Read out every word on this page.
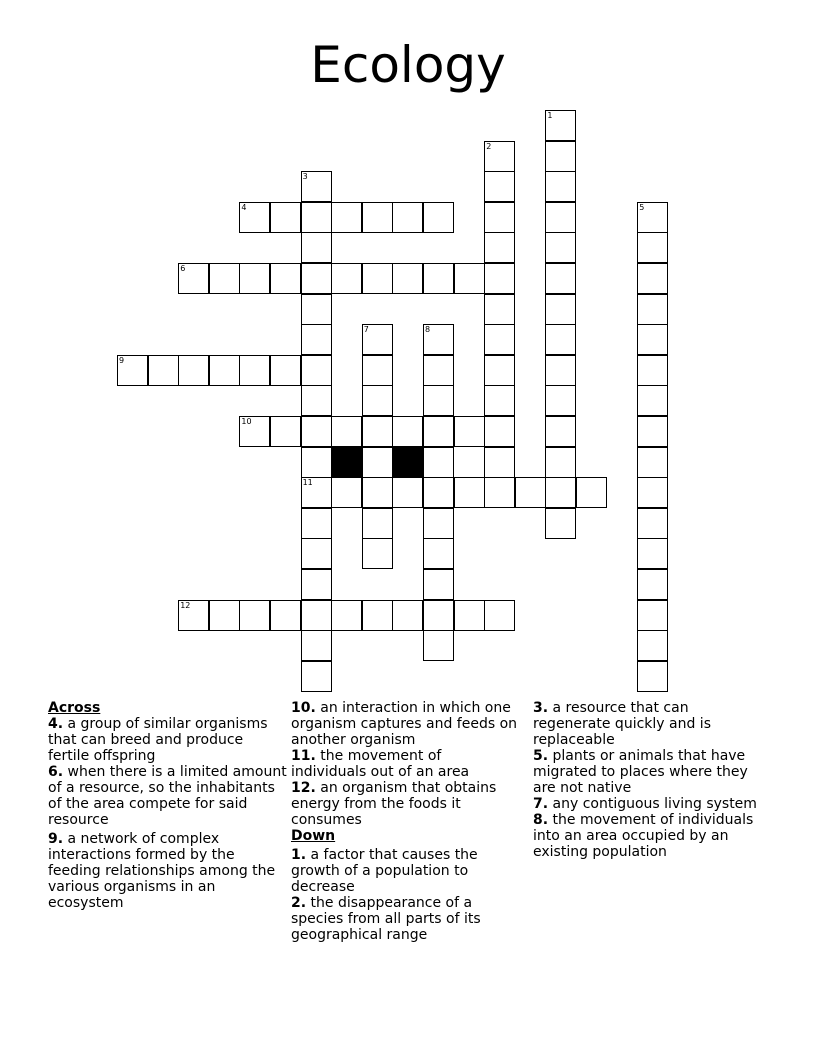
Ecology
1
2
3
11
4	5
6
7	8
9
10
12

Across

4. a group of similar organisms that can breed and produce fertile offspring

6. when there is a limited amount of a resource, so the inhabitants of the area compete for said resource

9. a network of complex interactions formed by the feeding relationships among the various organisms in an ecosystem

10. an interaction in which one organism captures and feeds on another organism

11. the movement of individuals out of an area

12. an organism that obtains energy from the foods it consumes

Down

1. a factor that causes the growth of a population to decrease

2. the disappearance of a species from all parts of its geographical range

3. a resource that can regenerate quickly and is replaceable

5. plants or animals that have migrated to places where they are not native

7. any contiguous living system

8. the movement of individuals into an area occupied by an existing population
